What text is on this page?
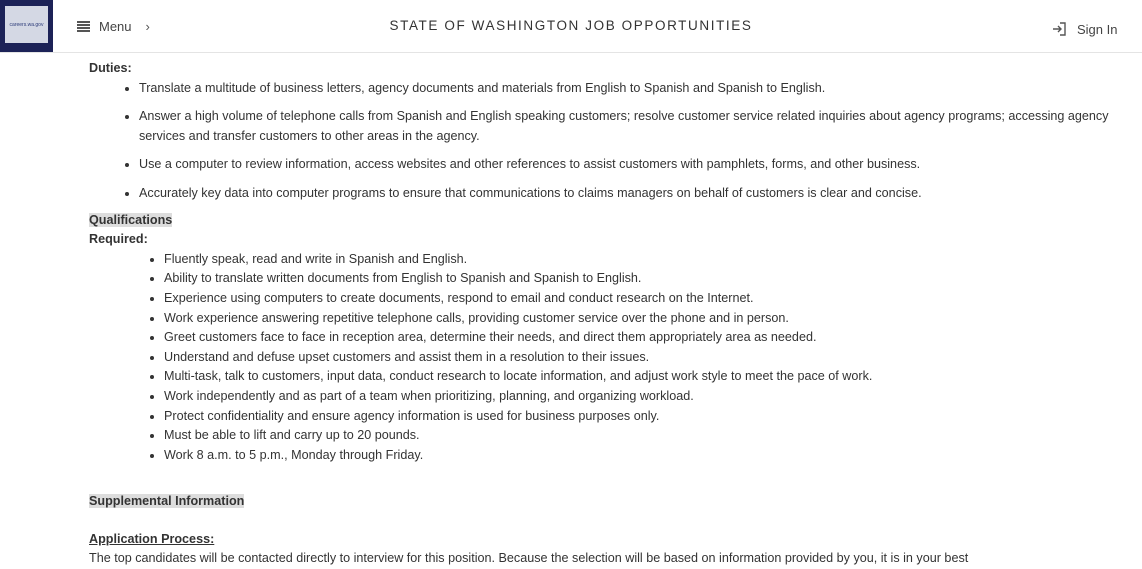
careers.wa.gov	Menu ›	STATE OF WASHINGTON JOB OPPORTUNITIES	Sign In
Duties:
• Translate a multitude of business letters, agency documents and materials from English to Spanish and Spanish to English.
• Answer a high volume of telephone calls from Spanish and English speaking customers; resolve customer service related inquiries about agency programs; accessing agency services and transfer customers to other areas in the agency.
• Use a computer to review information, access websites and other references to assist customers with pamphlets, forms, and other business.
• Accurately key data into computer programs to ensure that communications to claims managers on behalf of customers is clear and concise.
Qualifications
Required:
• Fluently speak, read and write in Spanish and English.
• Ability to translate written documents from English to Spanish and Spanish to English.
• Experience using computers to create documents, respond to email and conduct research on the Internet.
• Work experience answering repetitive telephone calls, providing customer service over the phone and in person.
• Greet customers face to face in reception area, determine their needs, and direct them appropriately area as needed.
• Understand and defuse upset customers and assist them in a resolution to their issues.
• Multi-task, talk to customers, input data, conduct research to locate information, and adjust work style to meet the pace of work.
• Work independently and as part of a team when prioritizing, planning, and organizing workload.
• Protect confidentiality and ensure agency information is used for business purposes only.
• Must be able to lift and carry up to 20 pounds.
• Work 8 a.m. to 5 p.m., Monday through Friday.
Supplemental Information
Application Process:
The top candidates will be contacted directly to interview for this position. Because the selection will be based on information provided by you, it is in your best
